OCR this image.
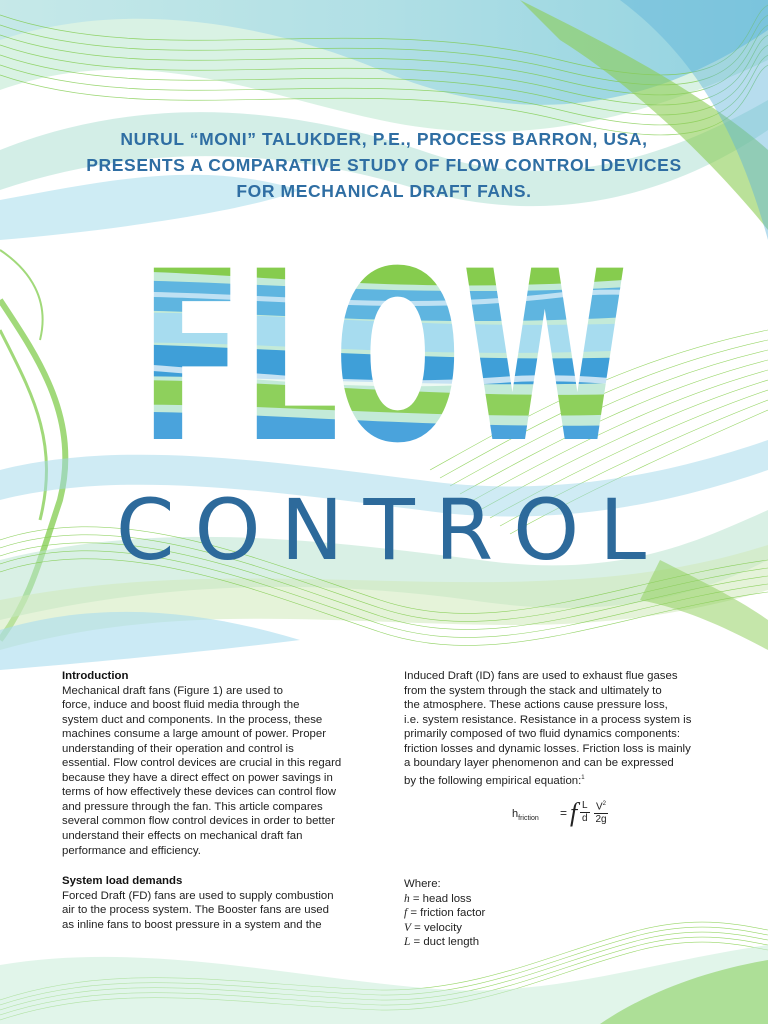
NURUL “MONI” TALUKDER, P.E., PROCESS BARRON, USA,
PRESENTS A COMPARATIVE STUDY OF FLOW CONTROL DEVICES
FOR MECHANICAL DRAFT FANS.
FLOW
CONTROL
Introduction
Mechanical draft fans (Figure 1) are used to
force, induce and boost fluid media through the
system duct and components. In the process, these
machines consume a large amount of power. Proper
understanding of their operation and control is
essential. Flow control devices are crucial in this regard
because they have a direct effect on power savings in
terms of how effectively these devices can control flow
and pressure through the fan. This article compares
several common flow control devices in order to better
understand their effects on mechanical draft fan
performance and efficiency.
System load demands
Forced Draft (FD) fans are used to supply combustion
air to the process system. The Booster fans are used
as inline fans to boost pressure in a system and the
Induced Draft (ID) fans are used to exhaust flue gases
from the system through the stack and ultimately to
the atmosphere. These actions cause pressure loss,
i.e. system resistance. Resistance in a process system is
primarily composed of two fluid dynamics components:
friction losses and dynamic losses. Friction loss is mainly
a boundary layer phenomenon and can be expressed
by the following empirical equation:$^1$
Where:
h = head loss
f = friction factor
V = velocity
L = duct length
$h_{friction} = f \frac{L}{d} \frac{V^2}{2g}$
